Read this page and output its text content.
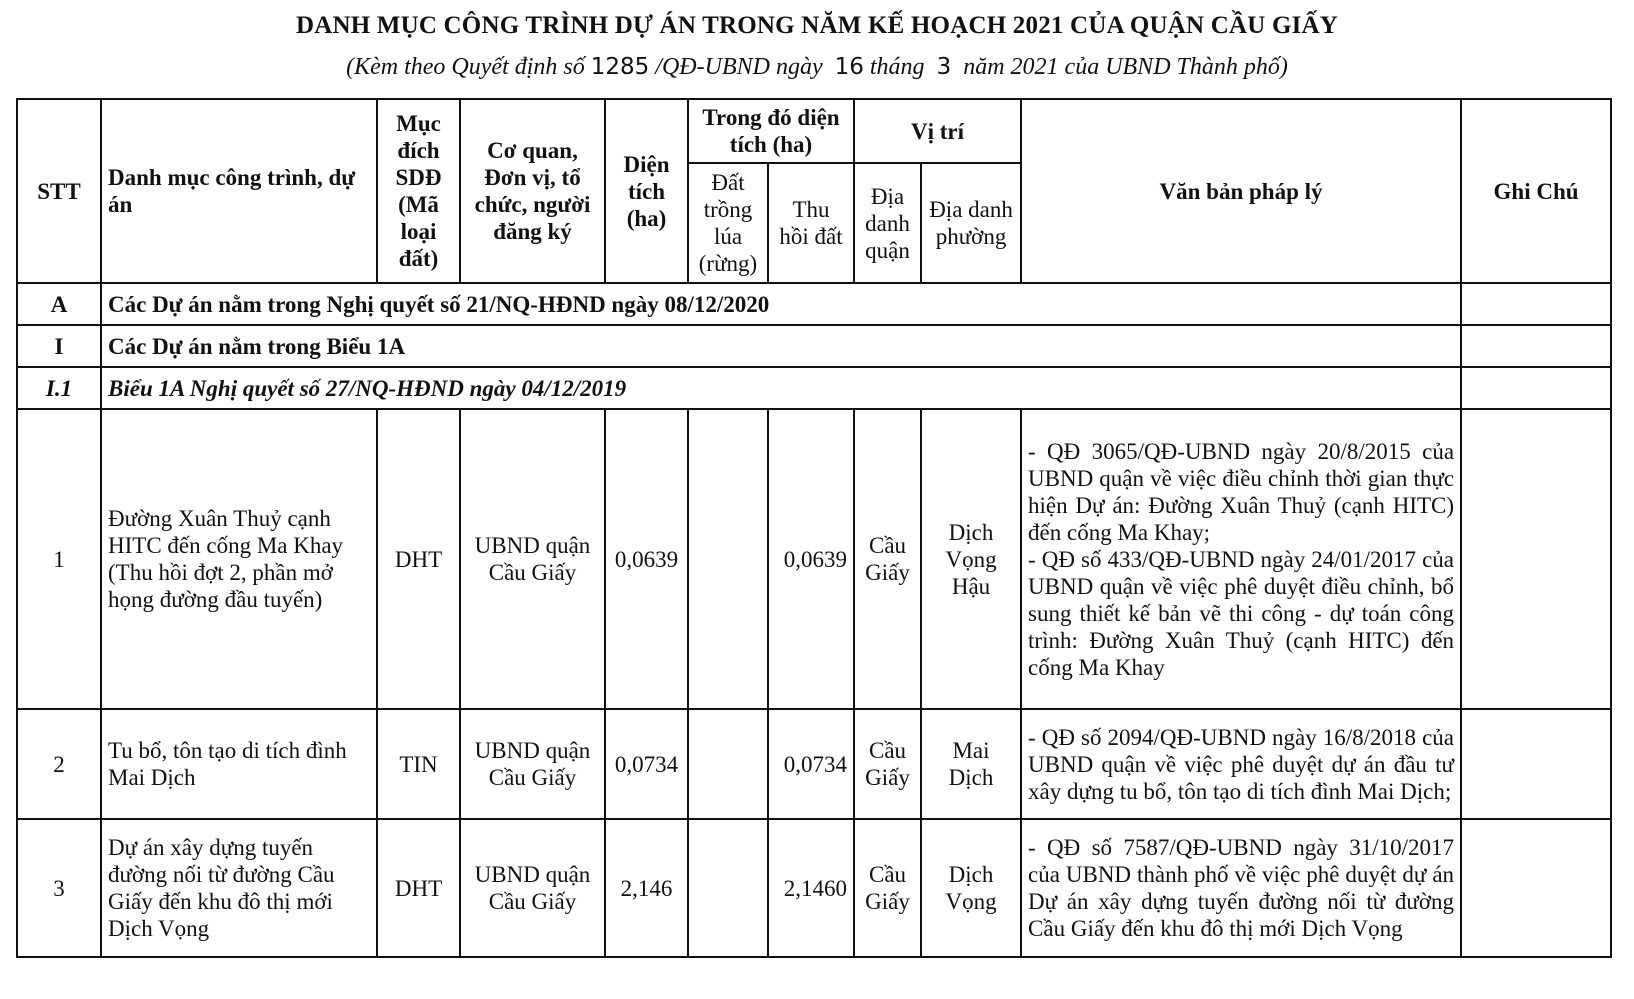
DANH MỤC CÔNG TRÌNH DỰ ÁN TRONG NĂM KẾ HOẠCH 2021 CỦA QUẬN CẦU GIẤY
(Kèm theo Quyết định số 1285 /QĐ-UBND ngày 16 tháng 3 năm 2021 của UBND Thành phố)
STT	Danh mục công trình, dự án	Mục đích SDĐ (Mã loại đất)	Cơ quan, Đơn vị, tổ chức, người đăng ký	Diện tích (ha)	Trong đó diện tích (ha)		Vị trí		Văn bản pháp lý	Ghi Chú
					Đất trồng lúa (rừng)	Thu hồi đất	Địa danh quận	Địa danh phường		
A	Các Dự án nằm trong Nghị quyết số 21/NQ-HĐND ngày 08/12/2020									
I	Các Dự án nằm trong Biểu 1A									
I.1	Biểu 1A Nghị quyết số 27/NQ-HĐND ngày 04/12/2019									
1	Đường Xuân Thuỷ cạnh HITC đến cống Ma Khay (Thu hồi đợt 2, phần mở họng đường đầu tuyến)	DHT	UBND quận Cầu Giấy	0,0639		0,0639	Cầu Giấy	Dịch Vọng Hậu	- QĐ 3065/QĐ-UBND ngày 20/8/2015 của UBND quận về việc điều chỉnh thời gian thực hiện Dự án: Đường Xuân Thuỷ (cạnh HITC) đến cống Ma Khay;

- QĐ số 433/QĐ-UBND ngày 24/01/2017 của UBND quận về việc phê duyệt điều chỉnh, bổ sung thiết kế bản vẽ thi công - dự toán công trình: Đường Xuân Thuỷ (cạnh HITC) đến cống Ma Khay	

2	Tu bổ, tôn tạo di tích đình Mai Dịch	TIN	UBND quận Cầu Giấy	0,0734		0,0734	Cầu Giấy	Mai Dịch	- QĐ số 2094/QĐ-UBND ngày 16/8/2018 của UBND quận về việc phê duyệt dự án đầu tư xây dựng tu bổ, tôn tạo di tích đình Mai Dịch;	

3	Dự án xây dựng tuyến đường nối từ đường Cầu Giấy đến khu đô thị mới Dịch Vọng	DHT	UBND quận Cầu Giấy	2,146		2,1460	Cầu Giấy	Dịch Vọng	- QĐ số 7587/QĐ-UBND ngày 31/10/2017 của UBND thành phố về việc phê duyệt dự án Dự án xây dựng tuyến đường nối từ đường Cầu Giấy đến khu đô thị mới Dịch Vọng	
